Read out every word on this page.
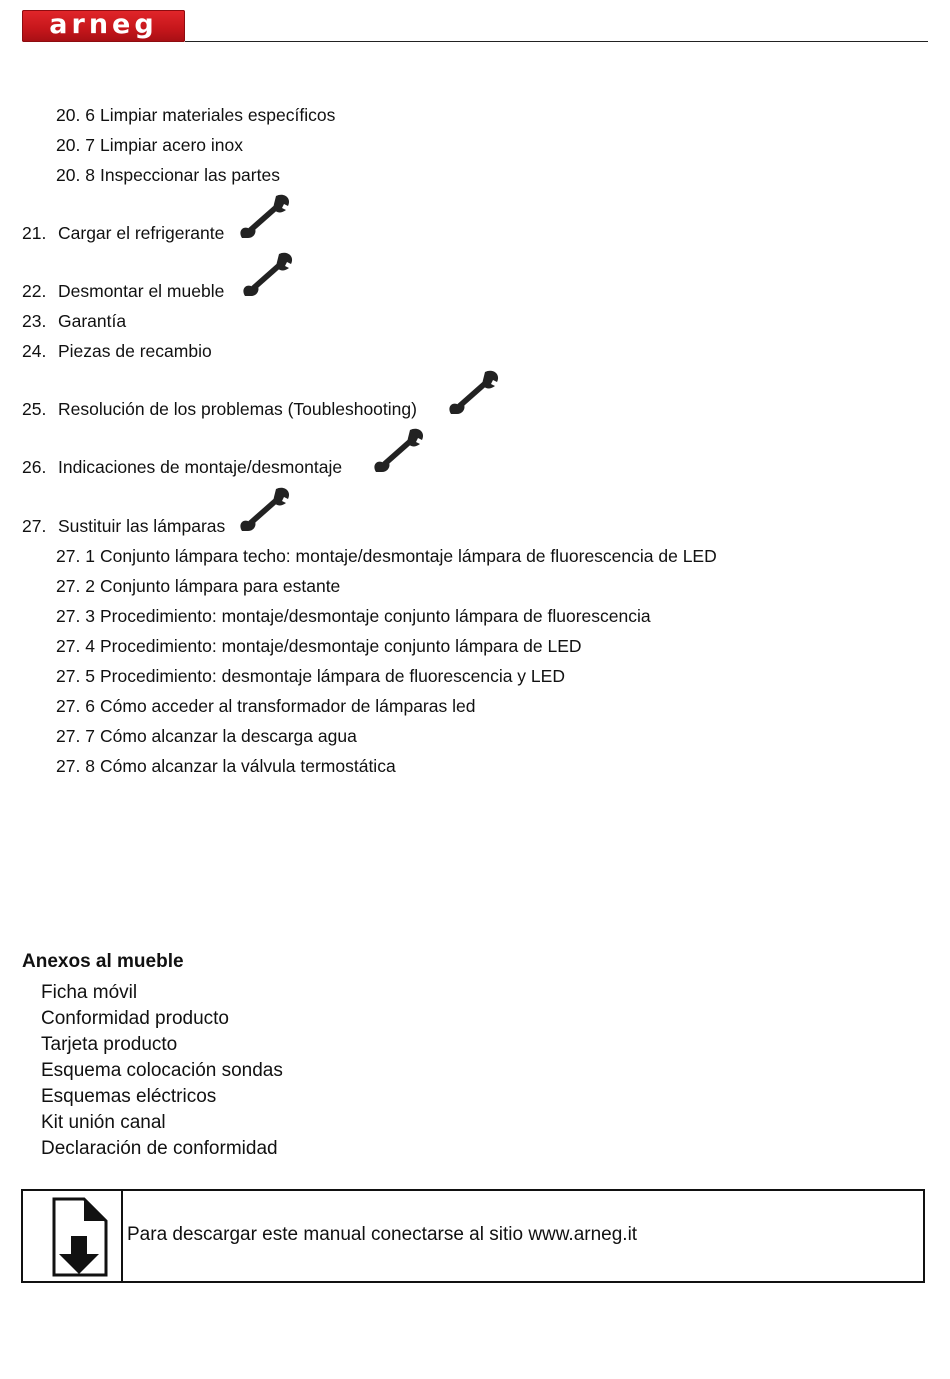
arneg
20. 6 Limpiar materiales específicos
20. 7 Limpiar acero inox
20. 8 Inspeccionar las partes
21. Cargar el refrigerante
22. Desmontar el mueble
23. Garantía
24. Piezas de recambio
25. Resolución de los problemas (Toubleshooting)
26. Indicaciones de montaje/desmontaje
27. Sustituir las lámparas
27. 1 Conjunto lámpara techo: montaje/desmontaje lámpara de fluorescencia de LED
27. 2 Conjunto lámpara para estante
27. 3 Procedimiento: montaje/desmontaje conjunto lámpara de fluorescencia
27. 4 Procedimiento: montaje/desmontaje conjunto lámpara de LED
27. 5 Procedimiento: desmontaje lámpara de fluorescencia y LED
27. 6 Cómo acceder al transformador de lámparas led
27. 7 Cómo alcanzar la descarga agua
27. 8 Cómo alcanzar la válvula termostática
Anexos al mueble
Ficha móvil
Conformidad producto
Tarjeta producto
Esquema colocación sondas
Esquemas eléctricos
Kit unión canal
Declaración de conformidad
Para descargar este manual conectarse al sitio www.arneg.it
